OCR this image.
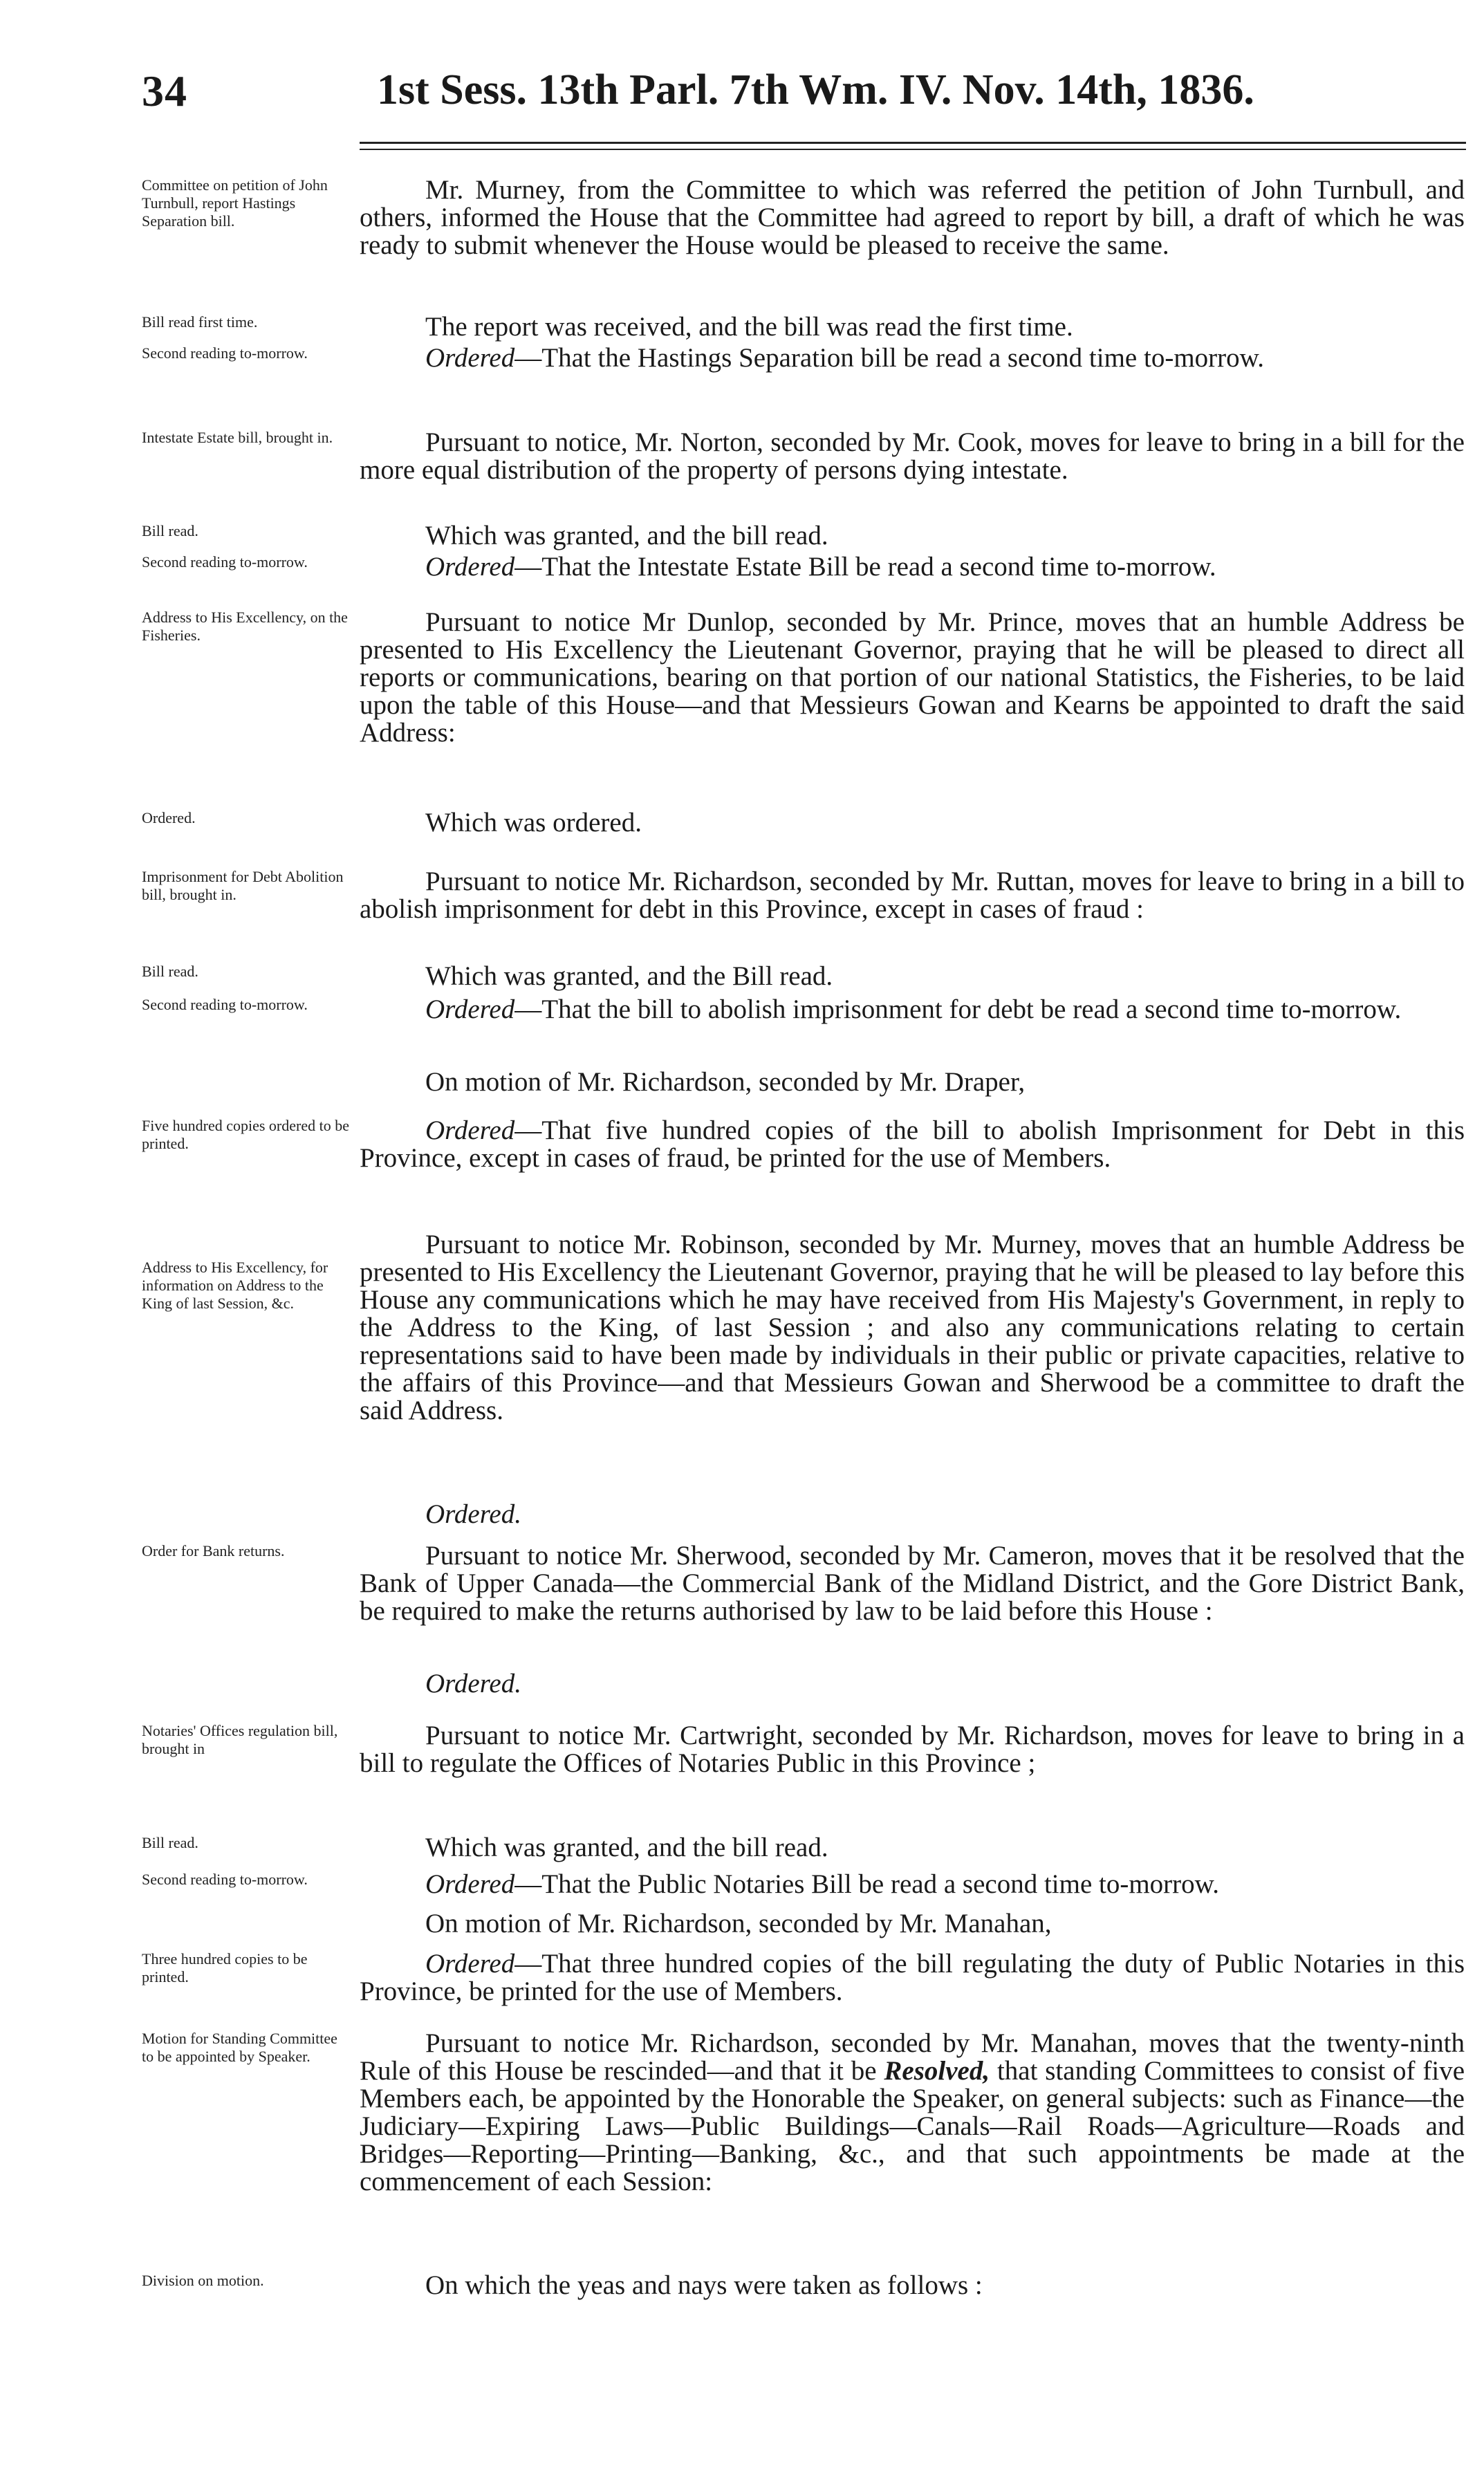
34	1st Sess. 13th Parl. 7th Wm. IV. Nov. 14th, 1836.
Committee on petition of John Turnbull, report Hastings Separation bill.
Mr. Murney, from the Committee to which was referred the petition of John Turnbull, and others, informed the House that the Committee had agreed to report by bill, a draft of which he was ready to submit whenever the House would be pleased to receive the same.
Bill read first time.	The report was received, and the bill was read the first time.
Second reading to-morrow.	Ordered—That the Hastings Separation bill be read a second time to-morrow.
Intestate Estate bill, brought in.	Pursuant to notice, Mr. Norton, seconded by Mr. Cook, moves for leave to bring in a bill for the more equal distribution of the property of persons dying intestate.
Bill read.	Which was granted, and the bill read.
Second reading to-morrow.	Ordered—That the Intestate Estate Bill be read a second time to-morrow.
Address to His Excellency, on the Fisheries.	Pursuant to notice Mr Dunlop, seconded by Mr. Prince, moves that an humble Address be presented to His Excellency the Lieutenant Governor, praying that he will be pleased to direct all reports or communications, bearing on that portion of our national Statistics, the Fisheries, to be laid upon the table of this House—and that Messieurs Gowan and Kearns be appointed to draft the said Address:
Ordered.	Which was ordered.
Imprisonment for Debt Abolition bill, brought in.	Pursuant to notice Mr. Richardson, seconded by Mr. Ruttan, moves for leave to bring in a bill to abolish imprisonment for debt in this Province, except in cases of fraud :
Bill read.	Which was granted, and the Bill read.
Second reading to-morrow.	Ordered—That the bill to abolish imprisonment for debt be read a second time to-morrow.
On motion of Mr. Richardson, seconded by Mr. Draper,
Five hundred copies ordered to be printed.	Ordered—That five hundred copies of the bill to abolish Imprisonment for Debt in this Province, except in cases of fraud, be printed for the use of Members.
Address to His Excellency, for information on Address to the King of last Session, &c.
Pursuant to notice Mr. Robinson, seconded by Mr. Murney, moves that an humble Address be presented to His Excellency the Lieutenant Governor, praying that he will be pleased to lay before this House any communications which he may have received from His Majesty's Government, in reply to the Address to the King, of last Session ; and also any communications relating to certain representations said to have been made by individuals in their public or private capacities, relative to the affairs of this Province—and that Messieurs Gowan and Sherwood be a committee to draft the said Address.
Ordered.
Order for Bank returns.	Pursuant to notice Mr. Sherwood, seconded by Mr. Cameron, moves that it be resolved that the Bank of Upper Canada—the Commercial Bank of the Midland District, and the Gore District Bank, be required to make the returns authorised by law to be laid before this House :
Ordered.
Notaries' Offices regulation bill, brought in	Pursuant to notice Mr. Cartwright, seconded by Mr. Richardson, moves for leave to bring in a bill to regulate the Offices of Notaries Public in this Province ;
Bill read.	Which was granted, and the bill read.
Second reading to-morrow.	Ordered—That the Public Notaries Bill be read a second time to-morrow.
On motion of Mr. Richardson, seconded by Mr. Manahan,
Three hundred copies to be printed.	Ordered—That three hundred copies of the bill regulating the duty of Public Notaries in this Province, be printed for the use of Members.
Motion for Standing Committee to be appointed by Speaker.	Pursuant to notice Mr. Richardson, seconded by Mr. Manahan, moves that the twenty-ninth Rule of this House be rescinded—and that it be Resolved, that standing Committees to consist of five Members each, be appointed by the Honorable the Speaker, on general subjects: such as Finance—the Judiciary—Expiring Laws—Public Buildings—Canals—Rail Roads—Agriculture—Roads and Bridges—Reporting—Printing—Banking, &c., and that such appointments be made at the commencement of each Session:
Division on motion.	On which the yeas and nays were taken as follows :
